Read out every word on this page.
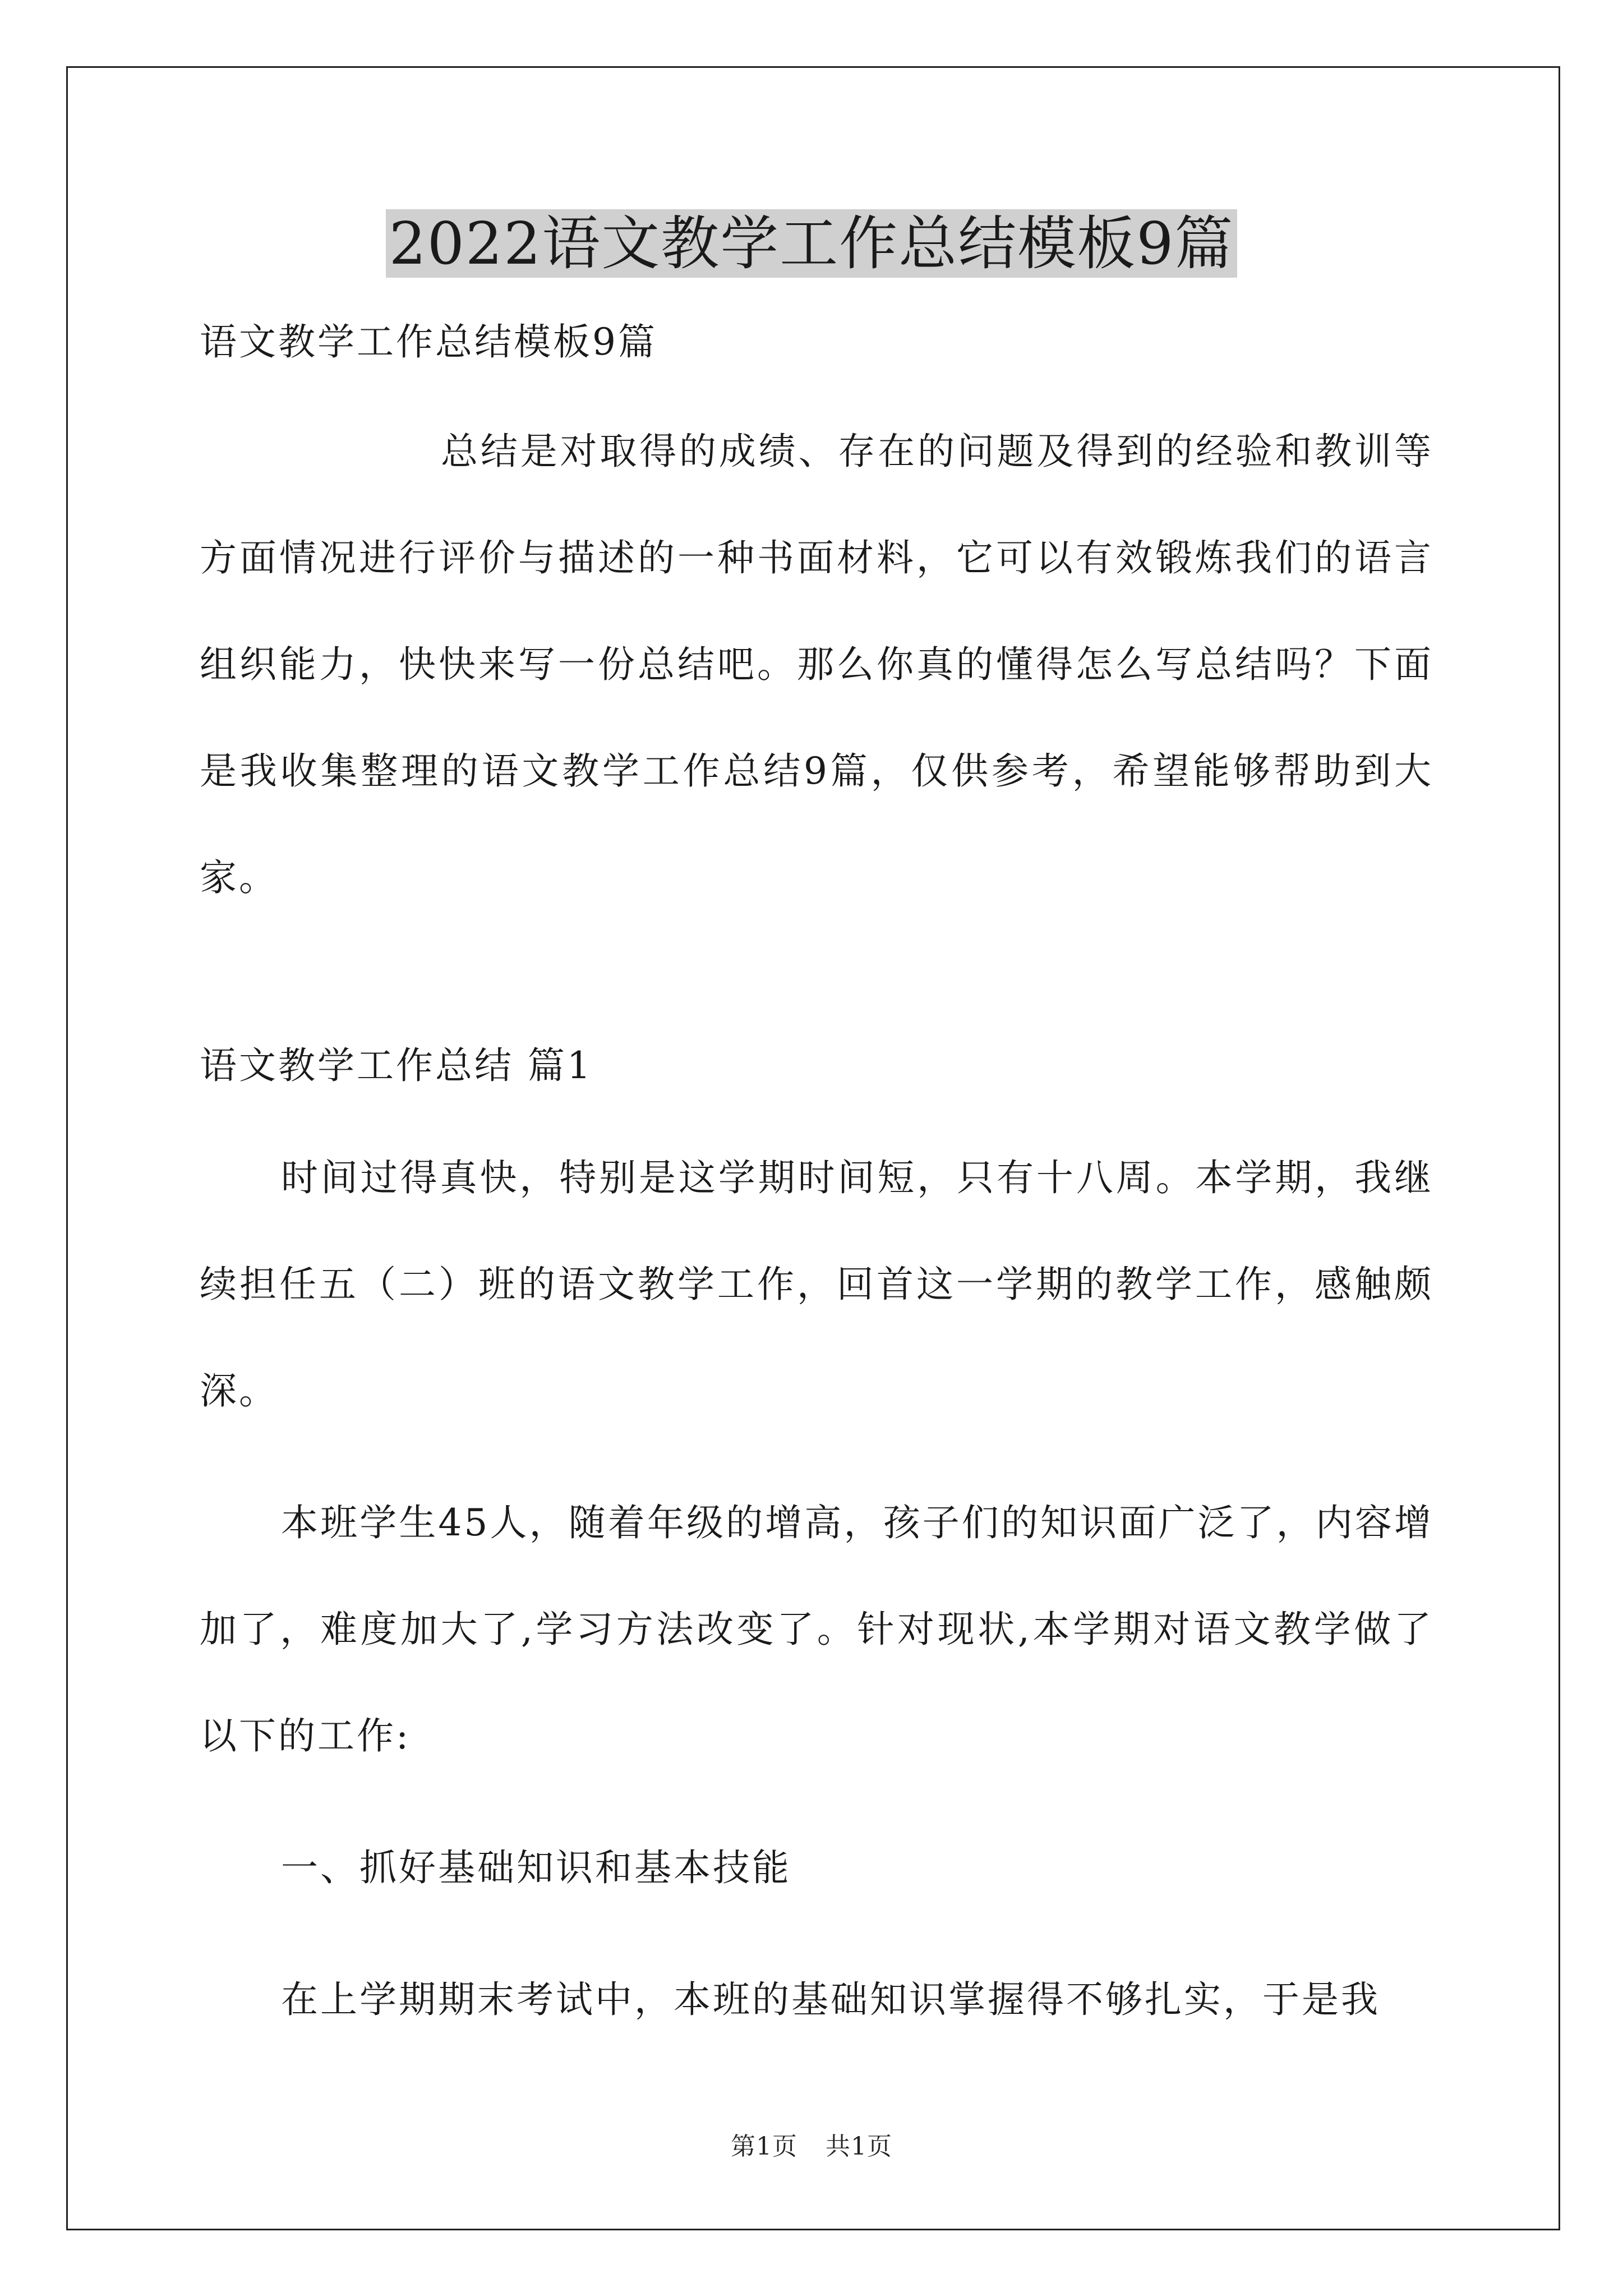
2022语文教学工作总结模板9篇
语文教学工作总结模板9篇

总结是对取得的成绩、存在的问题及得到的经验和教训等方面情况进行评价与描述的一种书面材料，它可以有效锻炼我们的语言组织能力，快快来写一份总结吧。那么你真的懂得怎么写总结吗？下面是我收集整理的语文教学工作总结9篇，仅供参考，希望能够帮助到大家。

语文教学工作总结 篇1

时间过得真快，特别是这学期时间短，只有十八周。本学期，我继续担任五（二）班的语文教学工作，回首这一学期的教学工作，感触颇深。

本班学生45人，随着年级的增高，孩子们的知识面广泛了，内容增加了，难度加大了,学习方法改变了。针对现状,本学期对语文教学做了以下的工作:

一、抓好基础知识和基本技能

在上学期期末考试中，本班的基础知识掌握得不够扎实，于是我

第1页 共1页
